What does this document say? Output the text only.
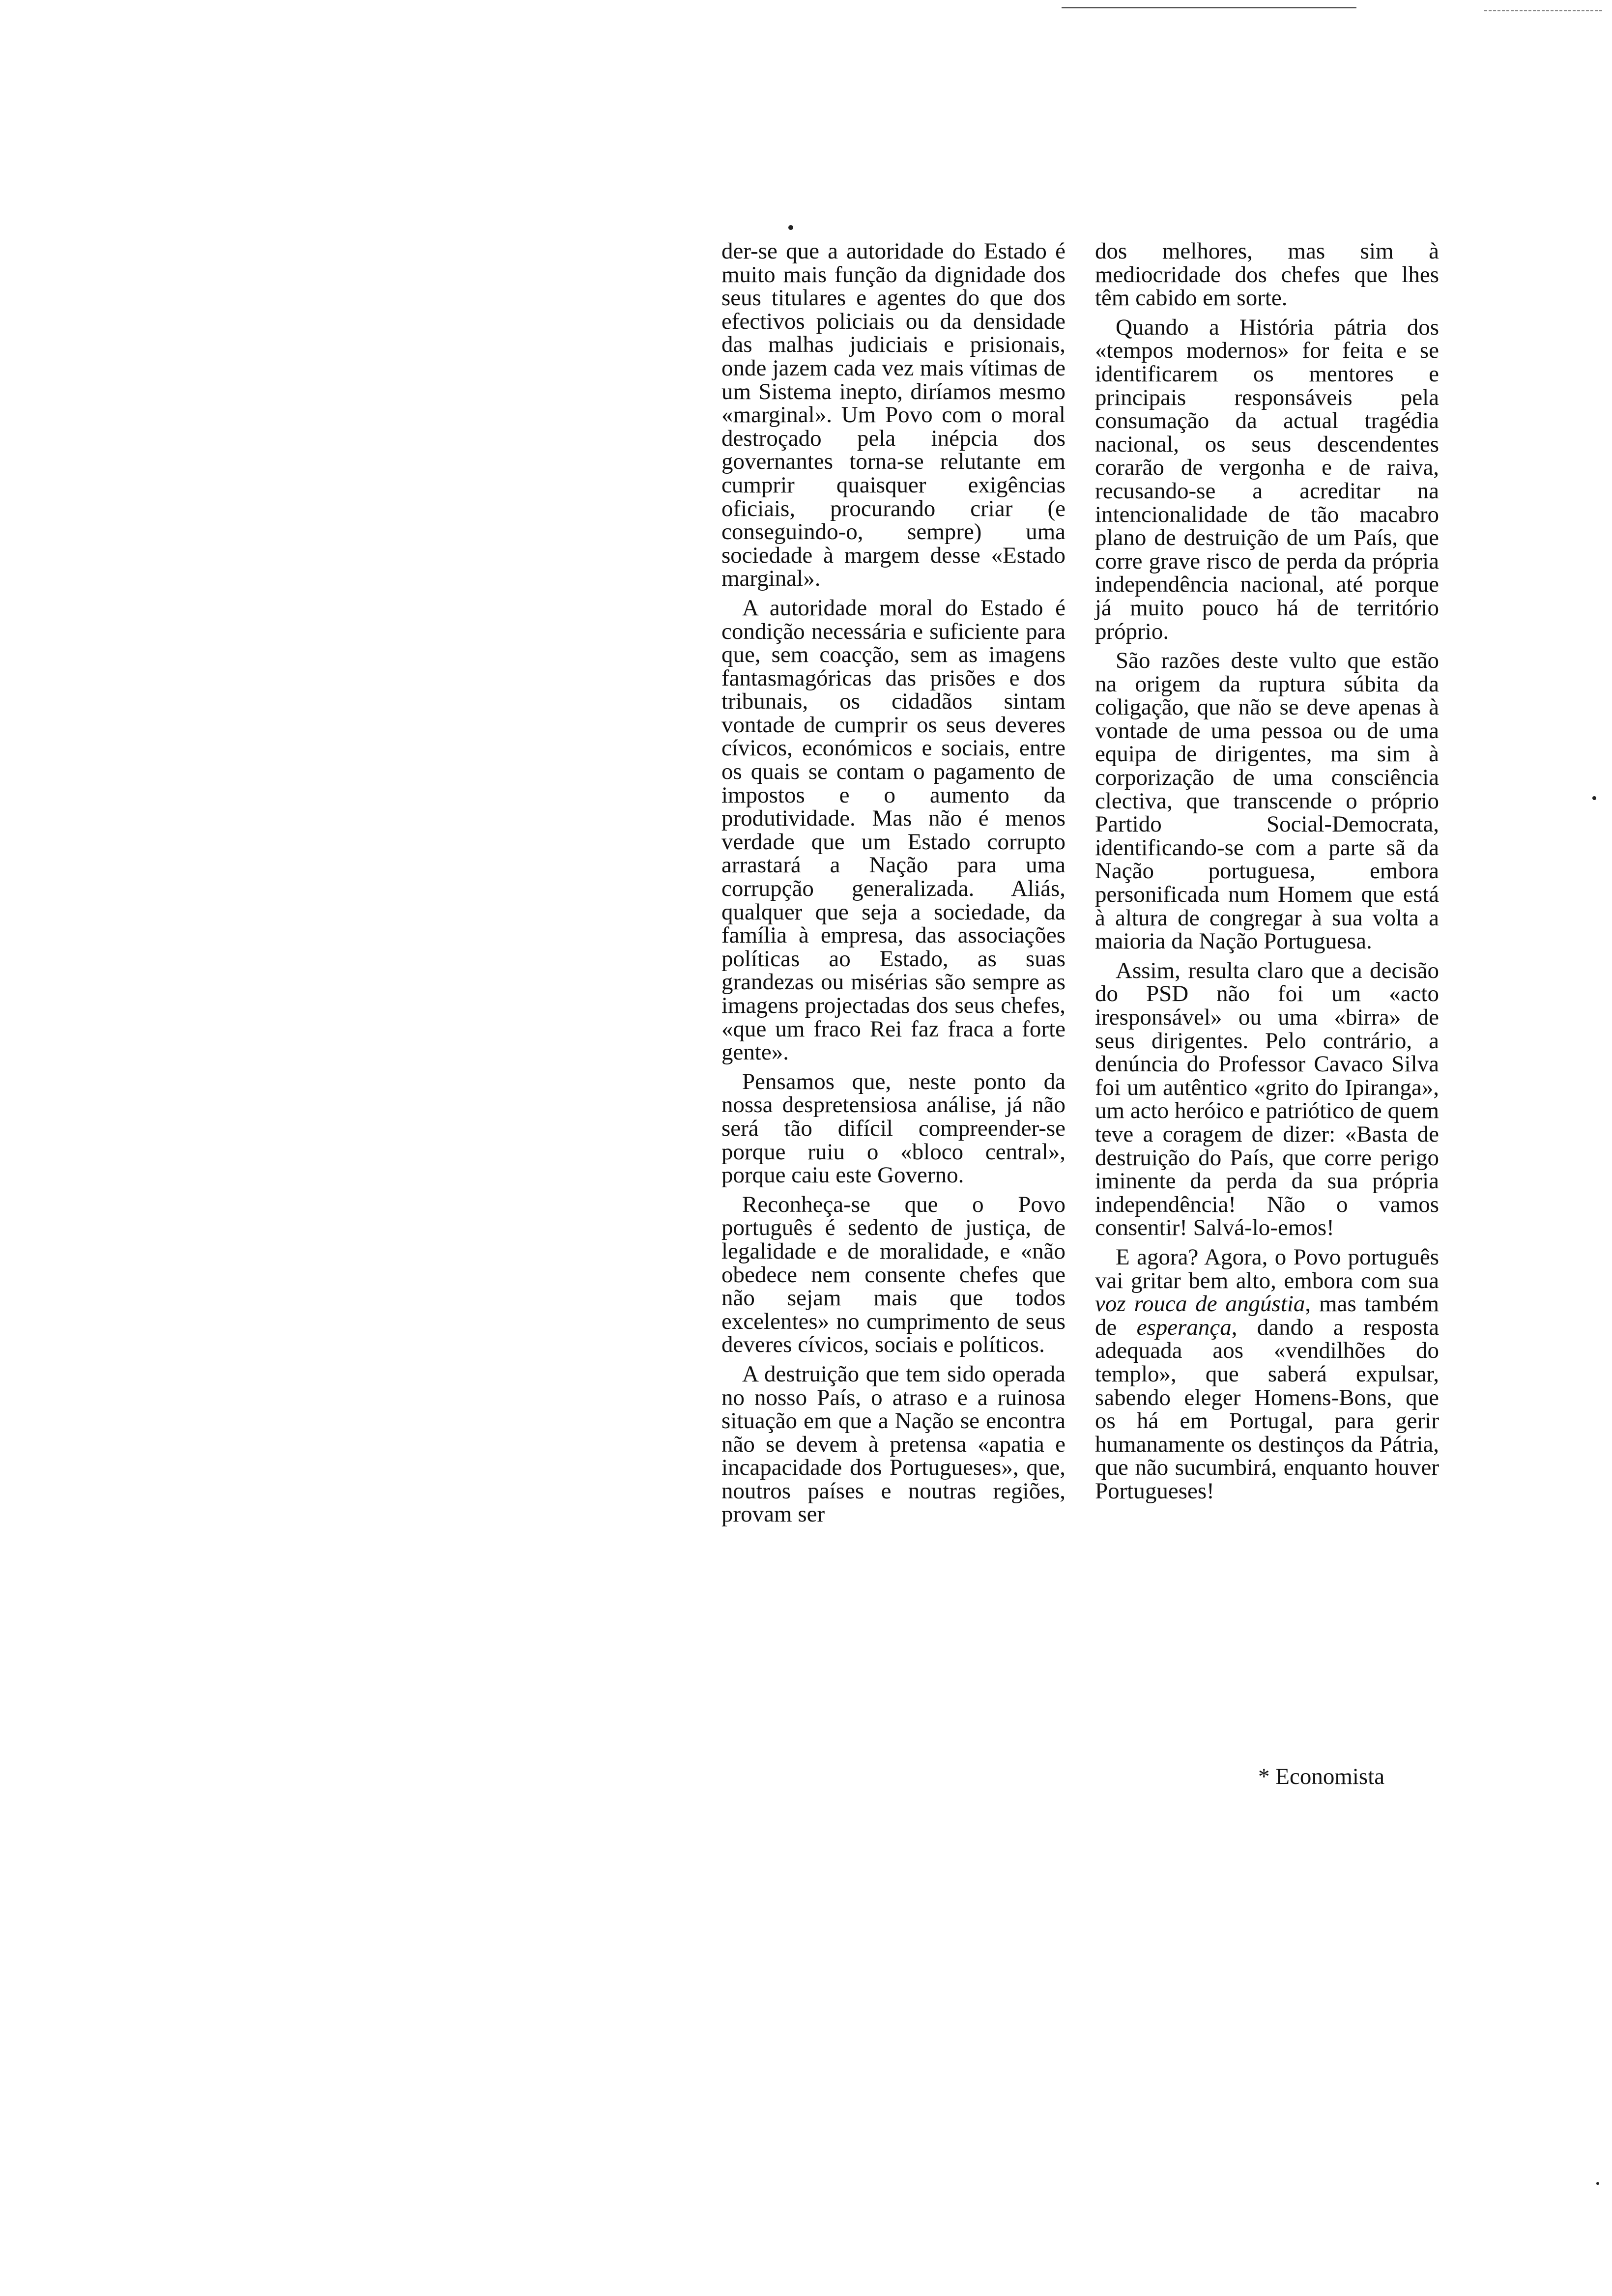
der-se que a autoridade do Estado é muito mais função da dignidade dos seus titulares e agentes do que dos efectivos policiais ou da densidade das malhas judiciais e prisionais, onde jazem cada vez mais vítimas de um Sistema inepto, diríamos mesmo «marginal». Um Povo com o moral destroçado pela inépcia dos governantes torna-se relutante em cumprir quaisquer exigências oficiais, procurando criar (e conseguindo-o, sempre) uma sociedade à margem desse «Estado marginal».

A autoridade moral do Estado é condição necessária e suficiente para que, sem coacção, sem as imagens fantasmagóricas das prisões e dos tribunais, os cidadãos sintam vontade de cumprir os seus deveres cívicos, económicos e sociais, entre os quais se contam o pagamento de impostos e o aumento da produtividade. Mas não é menos verdade que um Estado corrupto arrastará a Nação para uma corrupção generalizada. Aliás, qualquer que seja a sociedade, da família à empresa, das associações políticas ao Estado, as suas grandezas ou misérias são sempre as imagens projectadas dos seus chefes, «que um fraco Rei faz fraca a forte gente».

Pensamos que, neste ponto da nossa despretensiosa análise, já não será tão difícil compreender-se porque ruiu o «bloco central», porque caiu este Governo.

Reconheça-se que o Povo português é sedento de justiça, de legalidade e de moralidade, e «não obedece nem consente chefes que não sejam mais que todos excelentes» no cumprimento de seus deveres cívicos, sociais e políticos.

A destruição que tem sido operada no nosso País, o atraso e a ruinosa situação em que a Nação se encontra não se devem à pretensa «apatia e incapacidade dos Portugueses», que, noutros países e noutras regiões, provam ser

dos melhores, mas sim à mediocridade dos chefes que lhes têm cabido em sorte.

Quando a História pátria dos «tempos modernos» for feita e se identificarem os mentores e principais responsáveis pela consumação da actual tragédia nacional, os seus descendentes corarão de vergonha e de raiva, recusando-se a acreditar na intencionalidade de tão macabro plano de destruição de um País, que corre grave risco de perda da própria independência nacional, até porque já muito pouco há de território próprio.

São razões deste vulto que estão na origem da ruptura súbita da coligação, que não se deve apenas à vontade de uma pessoa ou de uma equipa de dirigentes, ma sim à corporização de uma consciência clectiva, que transcende o próprio Partido Social-Democrata, identificando-se com a parte sã da Nação portuguesa, embora personificada num Homem que está à altura de congregar à sua volta a maioria da Nação Portuguesa.

Assim, resulta claro que a decisão do PSD não foi um «acto iresponsável» ou uma «birra» de seus dirigentes. Pelo contrário, a denúncia do Professor Cavaco Silva foi um autêntico «grito do Ipiranga», um acto heróico e patriótico de quem teve a coragem de dizer: «Basta de destruição do País, que corre perigo iminente da perda da sua própria independência! Não o vamos consentir! Salvá-lo-emos!

E agora? Agora, o Povo português vai gritar bem alto, embora com sua voz rouca de angústia, mas também de esperança, dando a resposta adequada aos «vendilhões do templo», que saberá expulsar, sabendo eleger Homens-Bons, que os há em Portugal, para gerir humanamente os destinços da Pátria, que não sucumbirá, enquanto houver Portugueses!

* Economista
